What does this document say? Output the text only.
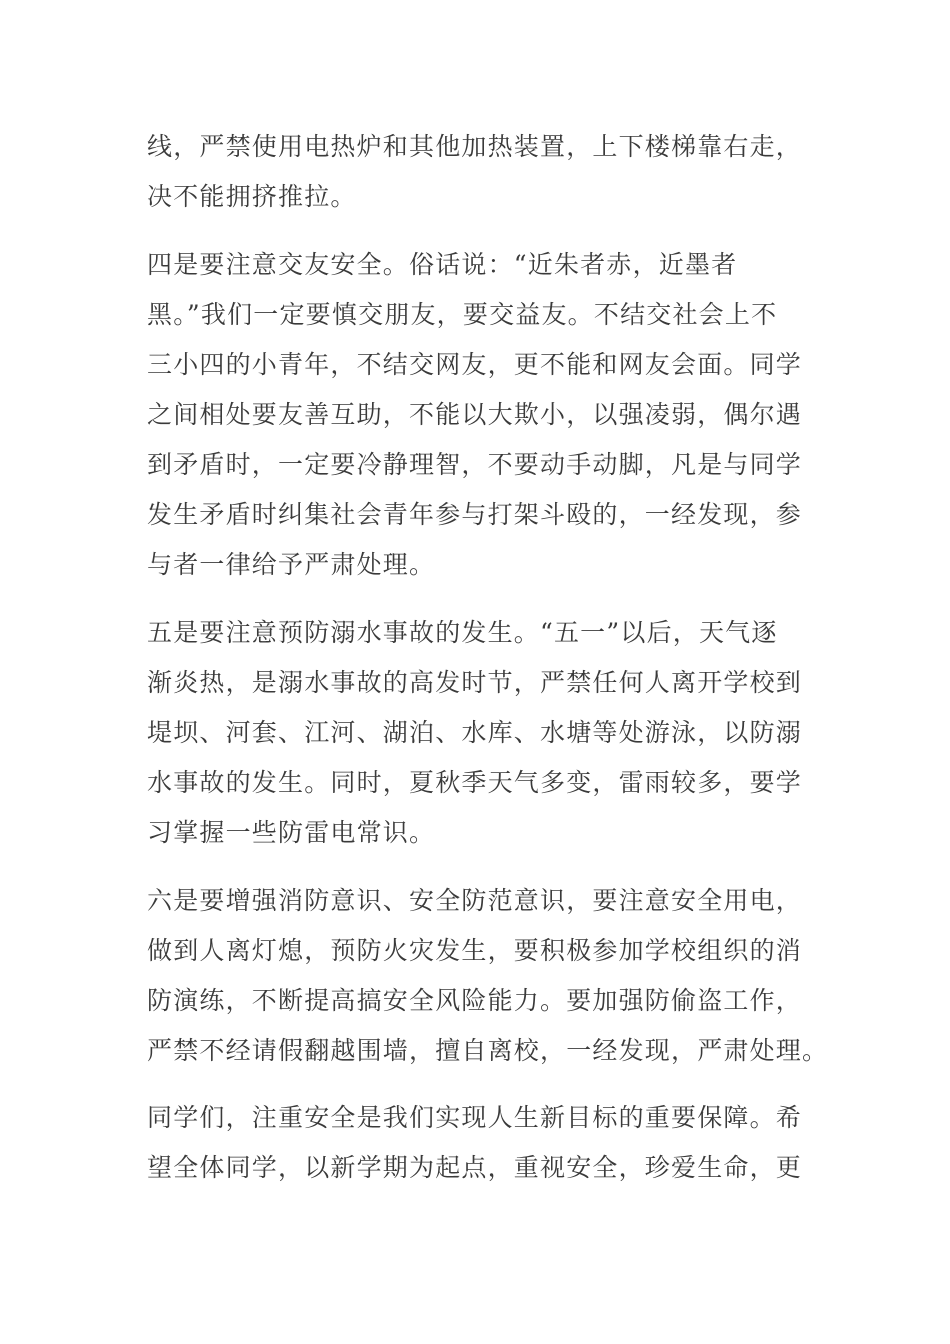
线，严禁使用电热炉和其他加热装置，上下楼梯靠右走，
决不能拥挤推拉。
四是要注意交友安全。俗话说：“近朱者赤，近墨者
黑。”我们一定要慎交朋友，要交益友。不结交社会上不
三小四的小青年，不结交网友，更不能和网友会面。同学
之间相处要友善互助，不能以大欺小，以强凌弱，偶尔遇
到矛盾时，一定要冷静理智，不要动手动脚，凡是与同学
发生矛盾时纠集社会青年参与打架斗殴的，一经发现，参
与者一律给予严肃处理。
五是要注意预防溺水事故的发生。“五一”以后，天气逐
渐炎热，是溺水事故的高发时节，严禁任何人离开学校到
堤坝、河套、江河、湖泊、水库、水塘等处游泳，以防溺
水事故的发生。同时，夏秋季天气多变，雷雨较多，要学
习掌握一些防雷电常识。
六是要增强消防意识、安全防范意识，要注意安全用电，
做到人离灯熄，预防火灾发生，要积极参加学校组织的消
防演练，不断提高搞安全风险能力。要加强防偷盗工作，
严禁不经请假翻越围墙，擅自离校，一经发现，严肃处理。
同学们，注重安全是我们实现人生新目标的重要保障。希
望全体同学，以新学期为起点，重视安全，珍爱生命，更
